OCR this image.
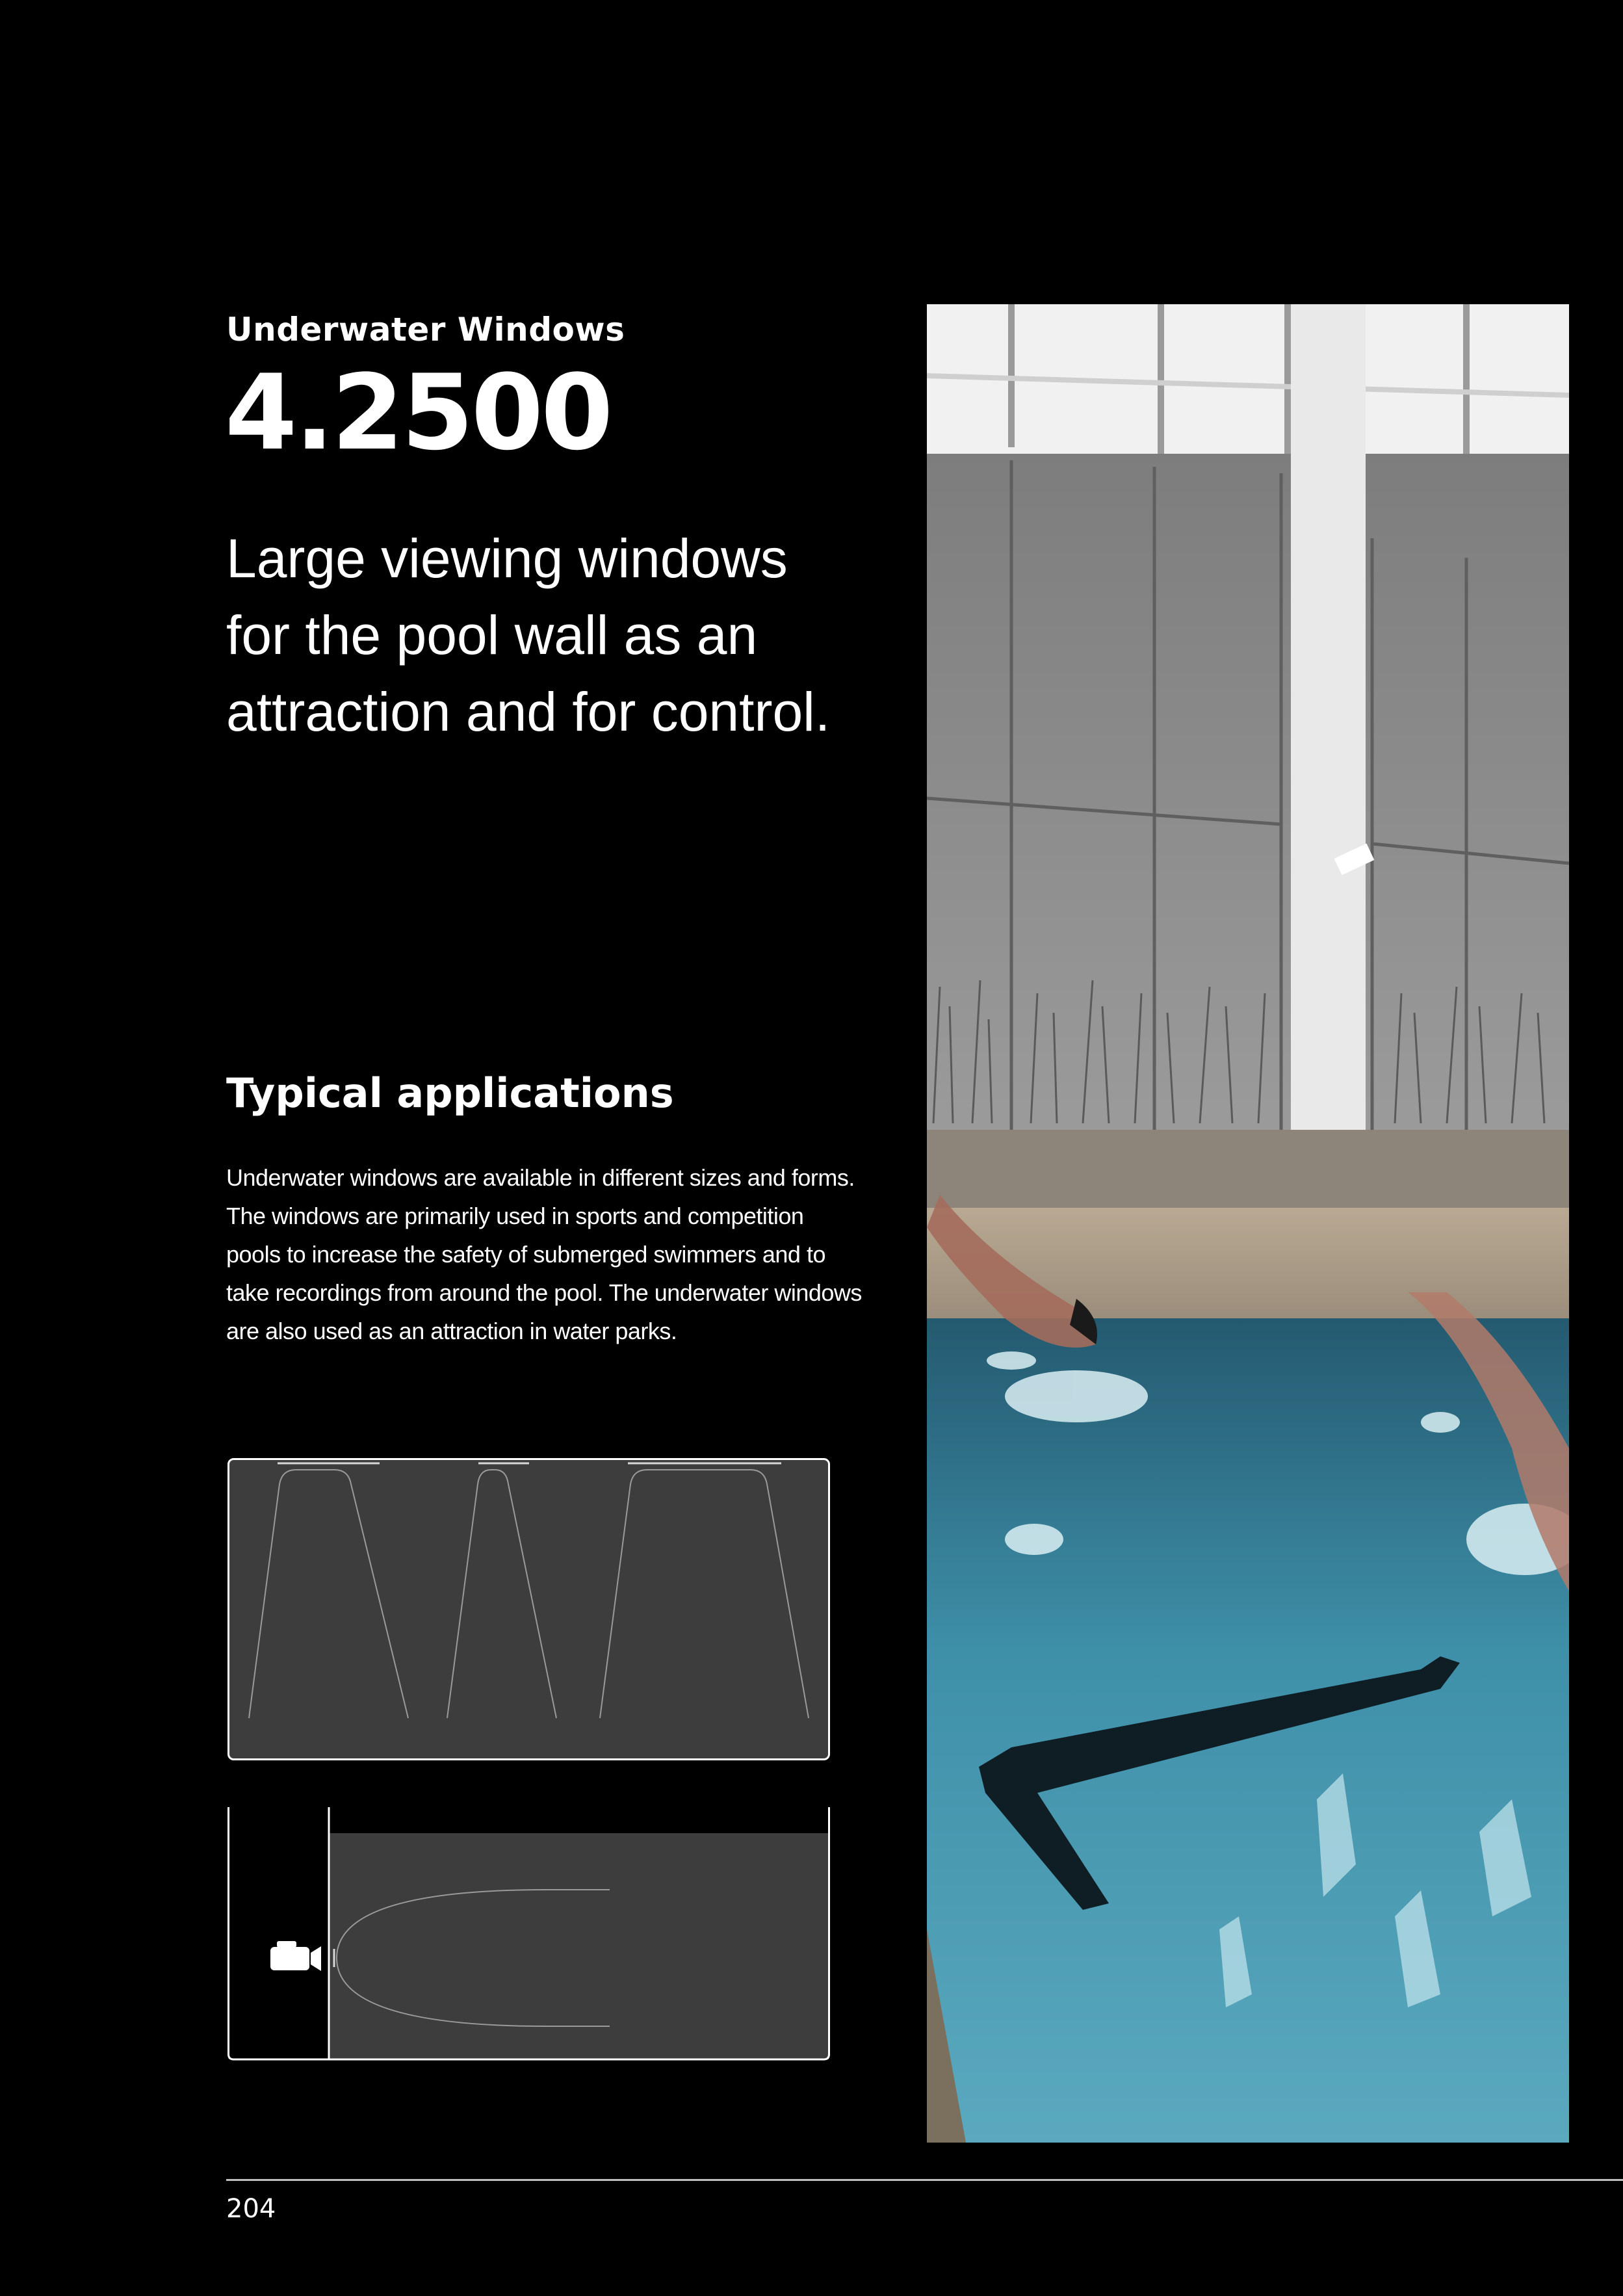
Underwater Windows
4.2500
Large viewing windows
for the pool wall as an
attraction and for control.
Typical applications
Underwater windows are available in different sizes and forms.
The windows are primarily used in sports and competition
pools to increase the safety of submerged swimmers and to
take recordings from around the pool. The underwater windows
are also used as an attraction in water parks.
204
